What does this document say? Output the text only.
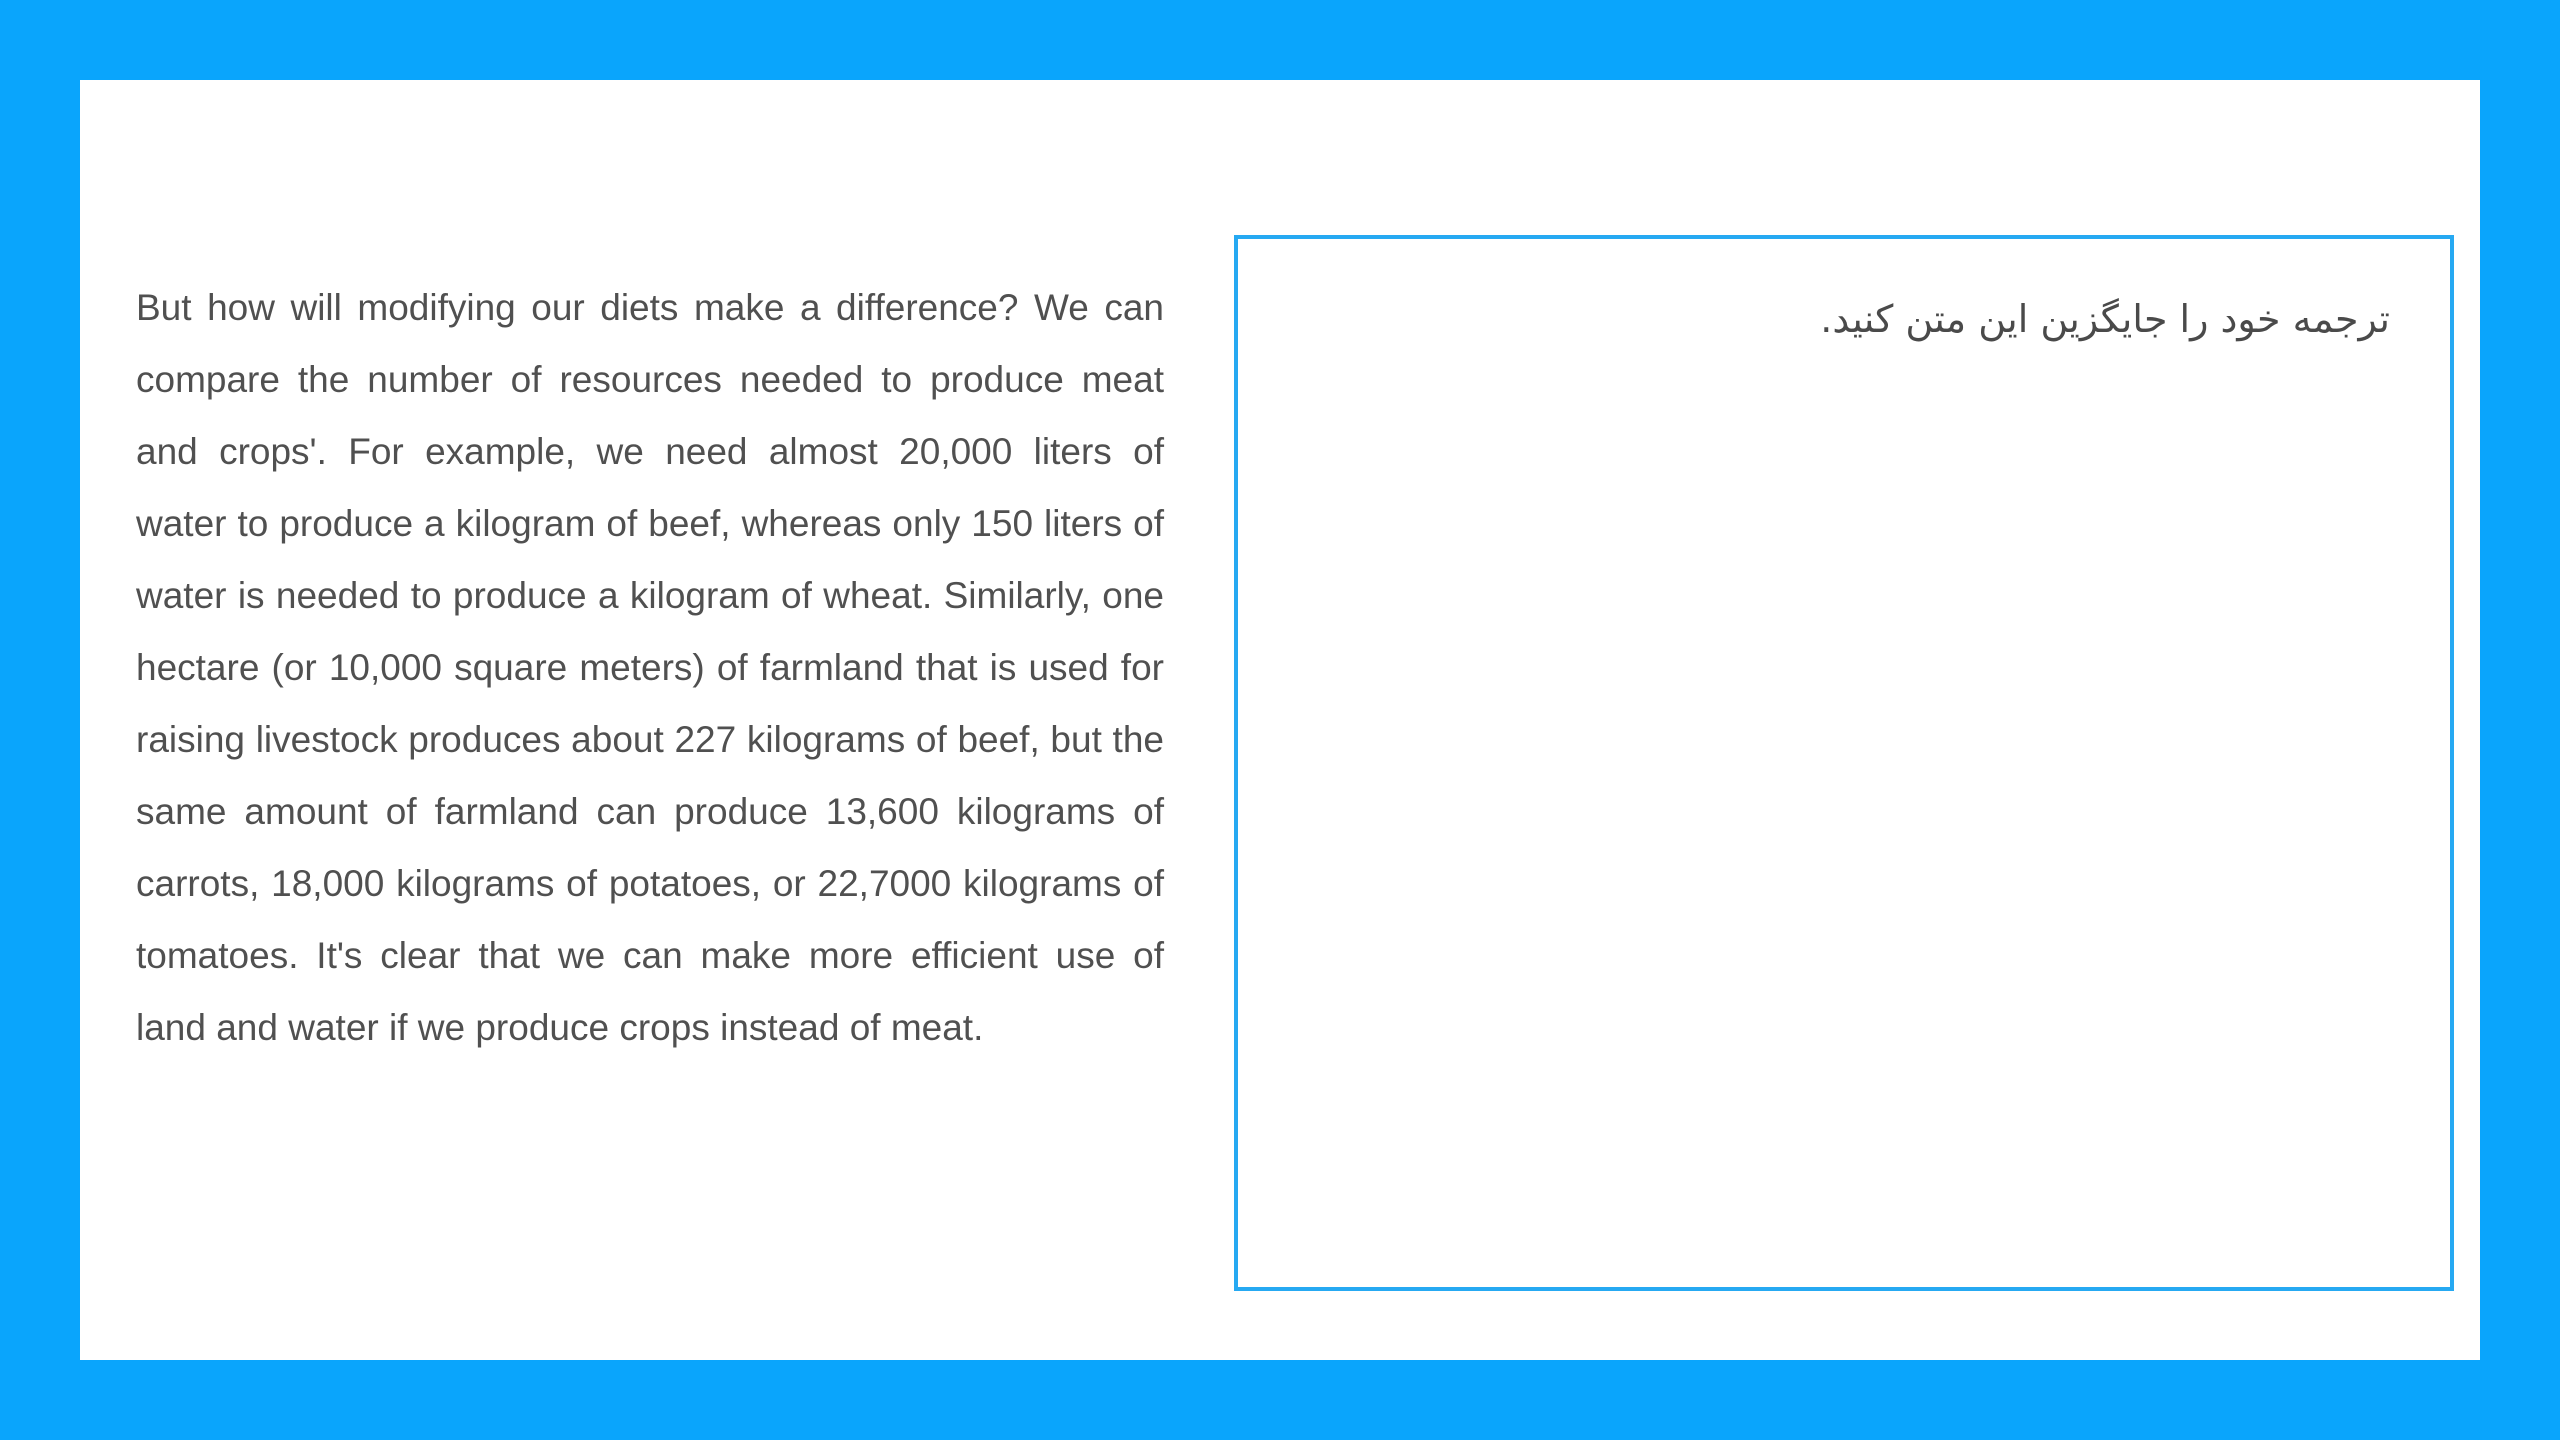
But how will modifying our diets make a difference? We can compare the number of resources needed to produce meat and crops'. For example, we need almost 20,000 liters of water to produce a kilogram of beef, whereas only 150 liters of water is needed to produce a kilogram of wheat. Similarly, one hectare (or 10,000 square meters) of farmland that is used for raising livestock produces about 227 kilograms of beef, but the same amount of farmland can produce 13,600 kilograms of carrots, 18,000 kilograms of potatoes, or 22,7000 kilograms of tomatoes. It's clear that we can make more efficient use of land and water if we produce crops instead of meat.

ترجمه خود را جایگزین این متن کنید.
